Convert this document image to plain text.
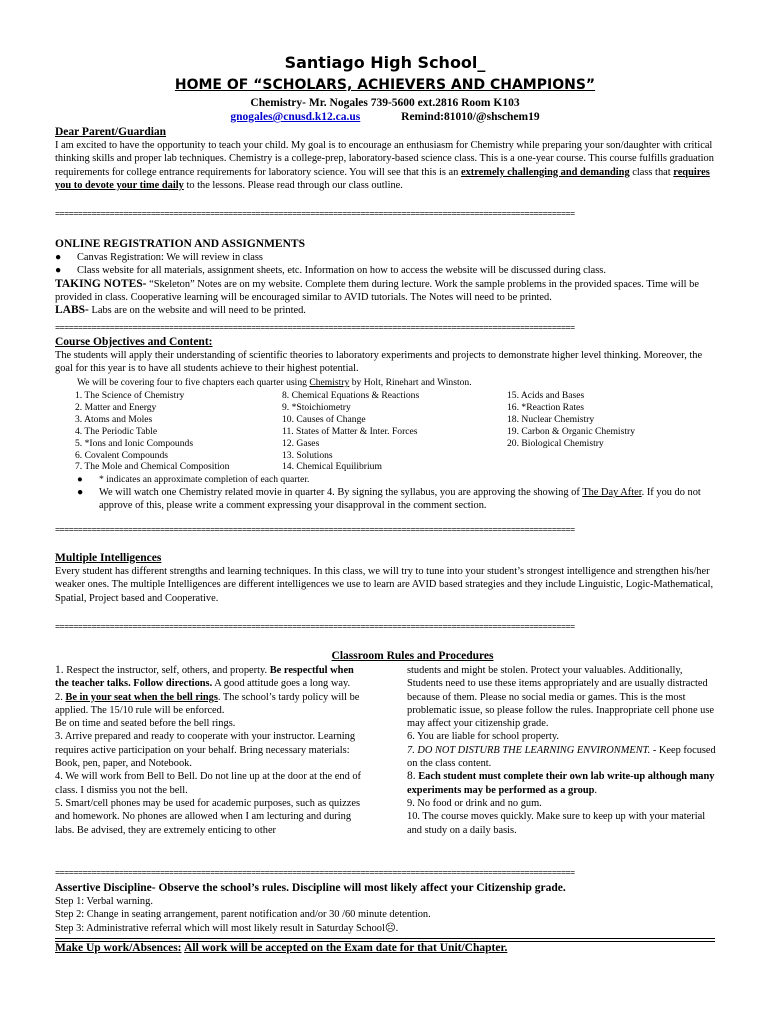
Santiago High School_
HOME OF “SCHOLARS, ACHIEVERS AND CHAMPIONS”
Chemistry- Mr. Nogales 739-5600 ext.2816 Room K103
gnogales@cnusd.k12.ca.us	Remind:81010/@shschem19
Dear Parent/Guardian
I am excited to have the opportunity to teach your child. My goal is to encourage an enthusiasm for Chemistry while preparing your son/daughter with critical thinking skills and proper lab techniques. Chemistry is a college-prep, laboratory-based science class. This is a one-year course. This course fulfills graduation requirements for college entrance requirements for laboratory science. You will see that this is an extremely challenging and demanding class that requires you to devote your time daily to the lessons. Please read through our class outline.
==================================================================================================================
ONLINE REGISTRATION AND ASSIGNMENTS
● Canvas Registration: We will review in class
● Class website for all materials, assignment sheets, etc. Information on how to access the website will be discussed during class.
TAKING NOTES- “Skeleton” Notes are on my website. Complete them during lecture. Work the sample problems in the provided spaces. Time will be provided in class. Cooperative learning will be encouraged similar to AVID tutorials. The Notes will need to be printed.
LABS- Labs are on the website and will need to be printed.
==================================================================================================================
Course Objectives and Content:
The students will apply their understanding of scientific theories to laboratory experiments and projects to demonstrate higher level thinking. Moreover, the goal for this year is to have all students achieve to their highest potential.
We will be covering four to five chapters each quarter using Chemistry by Holt, Rinehart and Winston.
1. The Science of Chemistry
2. Matter and Energy
3. Atoms and Moles
4. The Periodic Table
5. *Ions and Ionic Compounds
6. Covalent Compounds
7. The Mole and Chemical Composition
8. Chemical Equations & Reactions
9. *Stoichiometry
10. Causes of Change
11. States of Matter & Inter. Forces
12. Gases
13. Solutions
14. Chemical Equilibrium
15. Acids and Bases
16. *Reaction Rates
18. Nuclear Chemistry
19. Carbon & Organic Chemistry
20. Biological Chemistry
● * indicates an approximate completion of each quarter.
● We will watch one Chemistry related movie in quarter 4. By signing the syllabus, you are approving the showing of The Day After. If you do not approve of this, please write a comment expressing your disapproval in the comment section.
==================================================================================================================
Multiple Intelligences
Every student has different strengths and learning techniques. In this class, we will try to tune into your student’s strongest intelligence and strengthen his/her weaker ones. The multiple Intelligences are different intelligences we use to learn are AVID based strategies and they include Linguistic, Logic-Mathematical, Spatial, Project based and Cooperative.
==================================================================================================================
Classroom Rules and Procedures
1. Respect the instructor, self, others, and property. Be respectful when the teacher talks. Follow directions. A good attitude goes a long way.
2. Be in your seat when the bell rings. The school’s tardy policy will be applied. The 15/10 rule will be enforced.
Be on time and seated before the bell rings.
3. Arrive prepared and ready to cooperate with your instructor. Learning requires active participation on your behalf. Bring necessary materials: Book, pen, paper, and Notebook.
4. We will work from Bell to Bell. Do not line up at the door at the end of class. I dismiss you not the bell.
5. Smart/cell phones may be used for academic purposes, such as quizzes and homework. No phones are allowed when I am lecturing and during labs. Be advised, they are extremely enticing to other
students and might be stolen. Protect your valuables. Additionally, Students need to use these items appropriately and are usually distracted because of them. Please no social media or games. This is the most problematic issue, so please follow the rules. Inappropriate cell phone use may affect your citizenship grade.
6. You are liable for school property.
7. DO NOT DISTURB THE LEARNING ENVIRONMENT. - Keep focused on the class content.
8. Each student must complete their own lab write-up although many experiments may be performed as a group.
9. No food or drink and no gum.
10. The course moves quickly. Make sure to keep up with your material and study on a daily basis.
==================================================================================================================
Assertive Discipline- Observe the school’s rules. Discipline will most likely affect your Citizenship grade.
Step 1: Verbal warning.
Step 2: Change in seating arrangement, parent notification and/or 30 /60 minute detention.
Step 3: Administrative referral which will most likely result in Saturday School☹.
Make Up work/Absences: All work will be accepted on the Exam date for that Unit/Chapter.
